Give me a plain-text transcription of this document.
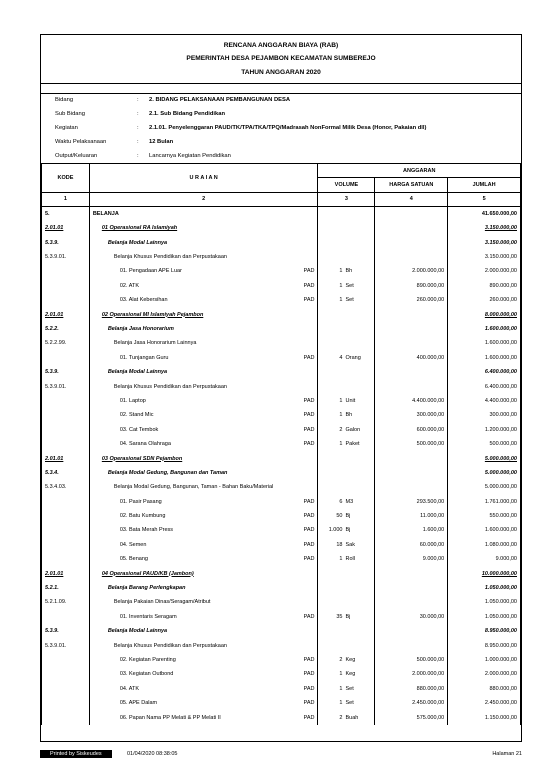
RENCANA ANGGARAN BIAYA (RAB)
PEMERINTAH DESA PEJAMBON KECAMATAN SUMBEREJO
TAHUN ANGGARAN 2020
Bidang	: 2. BIDANG PELAKSANAAN PEMBANGUNAN DESA
Sub Bidang	: 2.1. Sub Bidang Pendidikan
Kegiatan	: 2.1.01. Penyelenggaran PAUD/TK/TPA/TKA/TPQ/Madrasah NonFormal Milik Desa (Honor, Pakaian dll)
Waktu Pelaksanaan	: 12 Bulan
Output/Keluaran	: Lancarnya Kegiatan Pendidikan
KODE	U R A I A N	ANGGARAN		
		VOLUME	HARGA SATUAN	JUMLAH
1	2	3	4	5
5.	BELANJA			41.650.000,00
2.01.01	01 Operasional RA Islamiyah			3.150.000,00
5.3.9.	Belanja Modal Lainnya			3.150.000,00
5.3.9.01.	Belanja Khusus Pendidikan dan Perpustakaan			3.150.000,00

	01. Pengadaan APE Luar PAD	1 Bh	2.000.000,00	2.000.000,00

	02. ATK PAD	1 Set	890.000,00	890.000,00

	03. Alat Kebersihan PAD	1 Set	260.000,00	260.000,00
2.01.01	02 Operasional MI Islamiyah Pejambon			8.000.000,00
5.2.2.	Belanja Jasa Honorarium			1.600.000,00
5.2.2.99.	Belanja Jasa Honorarium Lainnya			1.600.000,00

	01. Tunjangan Guru PAD	4 Orang	400.000,00	1.600.000,00
5.3.9.	Belanja Modal Lainnya			6.400.000,00
5.3.9.01.	Belanja Khusus Pendidikan dan Perpustakaan			6.400.000,00

	01. Laptop PAD	1 Unit	4.400.000,00	4.400.000,00

	02. Stand Mic PAD	1 Bh	300.000,00	300.000,00

	03. Cat Tembok PAD	2 Galon	600.000,00	1.200.000,00

	04. Sarana Olahraga PAD	1 Paket	500.000,00	500.000,00
2.01.01	03 Operasional SDN Pejambon			5.000.000,00
5.3.4.	Belanja Modal Gedung, Bangunan dan Taman			5.000.000,00
5.3.4.03.	Belanja Modal Gedung, Bangunan, Taman - Bahan Baku/Material			5.000.000,00

	01. Pasir Pasang PAD	6 M3	293.500,00	1.761.000,00

	02. Batu Kumbung PAD	50 Bj	11.000,00	550.000,00

	03. Bata Merah Press PAD	1.000 Bj	1.600,00	1.600.000,00

	04. Semen PAD	18 Sak	60.000,00	1.080.000,00

	05. Benang PAD	1 Roll	9.000,00	9.000,00
2.01.01	04 Operasional PAUD/KB (Jambon)			10.000.000,00
5.2.1.	Belanja Barang Perlengkapan			1.050.000,00
5.2.1.09.	Belanja Pakaian Dinas/Seragam/Atribut			1.050.000,00

	01. Inventaris Seragam PAD	35 Bj	30.000,00	1.050.000,00
5.3.9.	Belanja Modal Lainnya			8.950.000,00
5.3.9.01.	Belanja Khusus Pendidikan dan Perpustakaan			8.950.000,00

	02. Kegiatan Parenting PAD	2 Keg	500.000,00	1.000.000,00

	03. Kegiatan Outbond PAD	1 Keg	2.000.000,00	2.000.000,00

	04. ATK PAD	1 Set	880.000,00	880.000,00

	05. APE Dalam PAD	1 Set	2.450.000,00	2.450.000,00

	06. Papan Nama PP Melati & PP Melati II PAD	2 Buah	575.000,00	1.150.000,00
Printed by Siskeudes	01/04/2020 08:38:05	Halaman 21
